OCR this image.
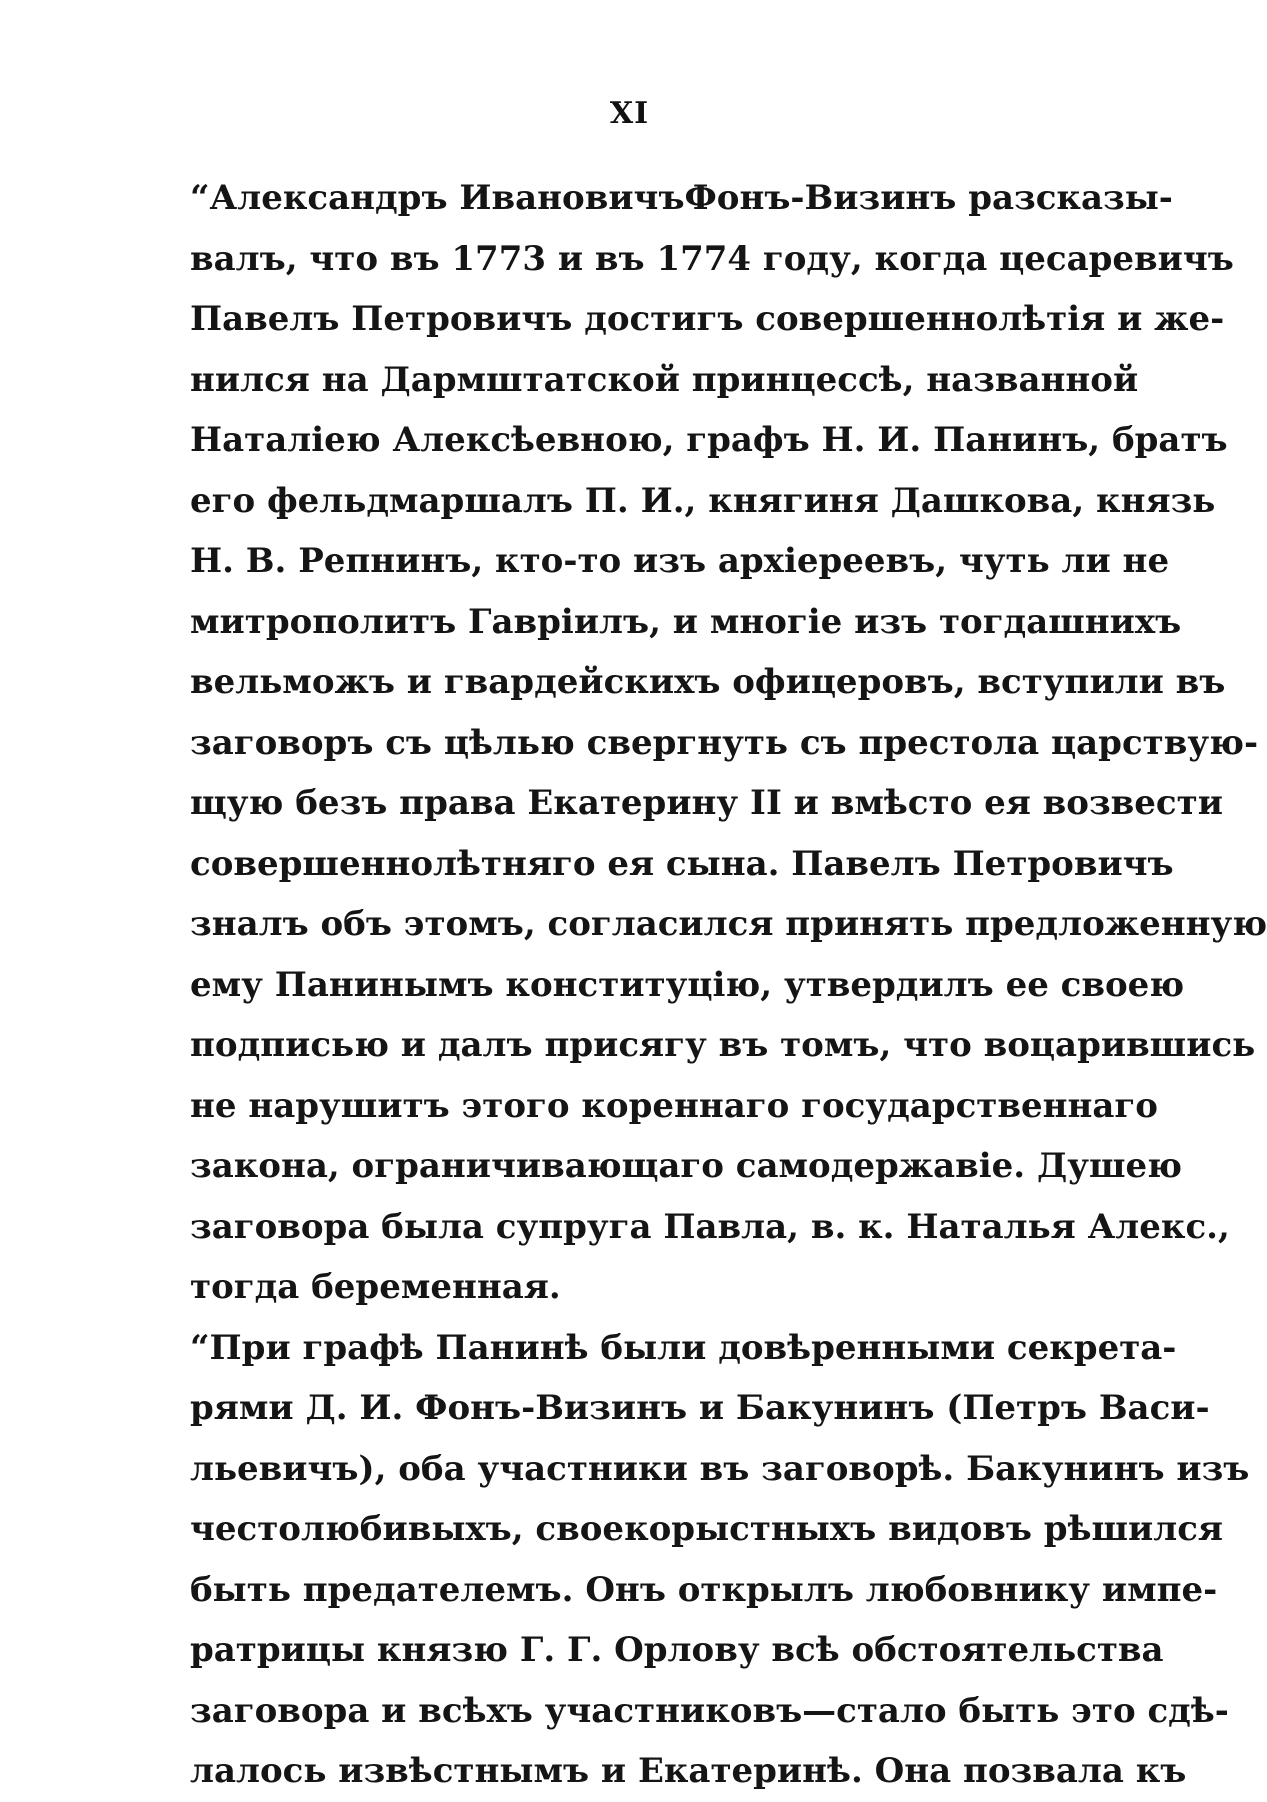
XI
“Александръ ИвановичъФонъ-Визинъ разсказы-
валъ, что въ 1773 и въ 1774 году, когда цесаревичъ
Павелъ Петровичъ достигъ совершеннолѣтія и же-
нился на Дармштатской принцессѣ, названной
Наталіею Алексѣевною, графъ Н. И. Панинъ, братъ
его фельдмаршалъ П. И., княгиня Дашкова, князь
Н. В. Репнинъ, кто-то изъ архіереевъ, чуть ли не
митрополитъ Гавріилъ, и многіе изъ тогдашнихъ
вельможъ и гвардейскихъ офицеровъ, вступили въ
заговоръ съ цѣлью свергнуть съ престола царствую-
щую безъ права Екатерину II и вмѣсто ея возвести
совершеннолѣтняго ея сына. Павелъ Петровичъ
зналъ объ этомъ, согласился принять предложенную
ему Панинымъ конституцію, утвердилъ ее своею
подписью и далъ присягу въ томъ, что воцарившись
не нарушитъ этого кореннаго государственнаго
закона, ограничивающаго самодержавіе. Душею
заговора была супруга Павла, в. к. Наталья Алекс.,
тогда беременная.
“При графѣ Панинѣ были довѣренными секрета-
рями Д. И. Фонъ-Визинъ и Бакунинъ (Петръ Васи-
льевичъ), оба участники въ заговорѣ. Бакунинъ изъ
честолюбивыхъ, своекорыстныхъ видовъ рѣшился
быть предателемъ. Онъ открылъ любовнику импе-
ратрицы князю Г. Г. Орлову всѣ обстоятельства
заговора и всѣхъ участниковъ—стало быть это сдѣ-
лалось извѣстнымъ и Екатеринѣ. Она позвала къ
